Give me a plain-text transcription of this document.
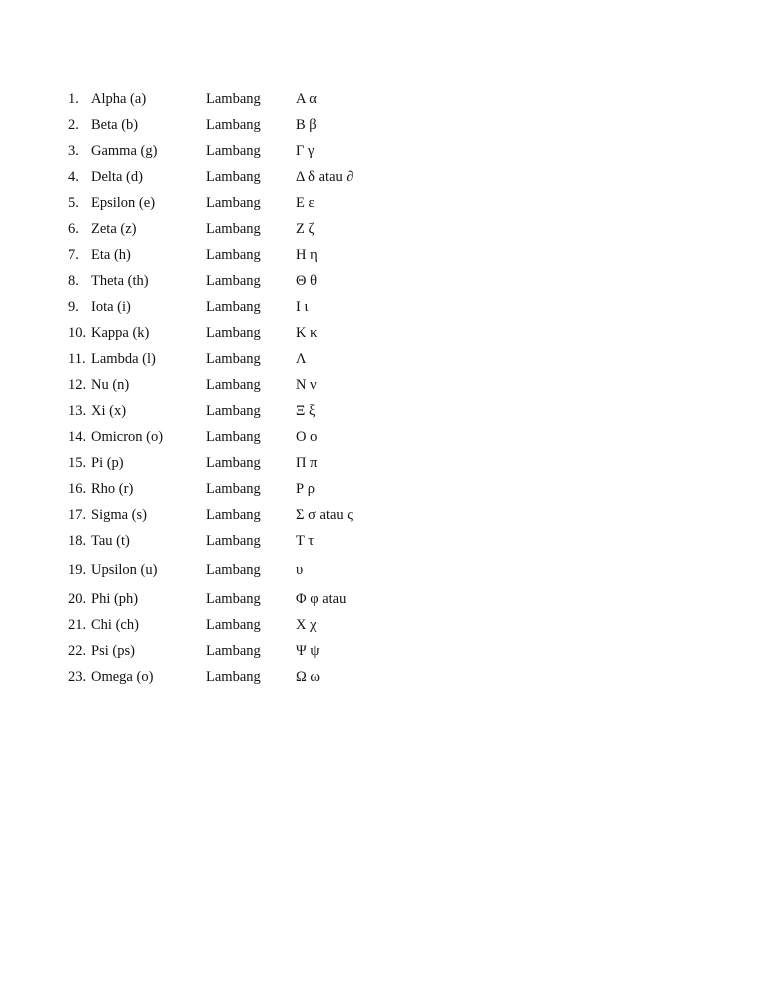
1. Alpha (a)	Lambang Α α
2. Beta (b)	Lambang Β β
3. Gamma (g)	Lambang Γ γ
4. Delta (d)	Lambang Δ δ atau ∂
5. Epsilon (e)	Lambang Ε ε
6. Zeta (z)	Lambang Ζ ζ
7. Eta (h)	Lambang Η η
8. Theta (th)	Lambang Θ θ
9. Iota (i)	Lambang Ι ι
10. Kappa (k)	Lambang Κ κ
11. Lambda (l)	Lambang Λ
12. Nu (n)	Lambang Ν ν
13. Xi (x)	Lambang Ξ ξ
14. Omicron (o)	Lambang Ο ο
15. Pi (p)	Lambang Π π
16. Rho (r)	Lambang Ρ ρ
17. Sigma (s)	Lambang Σ σ atau ς
18. Tau (t)	Lambang Τ τ
19. Upsilon (u)	Lambang υ
20. Phi (ph)	Lambang Φ φ atau
21. Chi (ch)	Lambang Χ χ
22. Psi (ps)	Lambang Ψ ψ
23. Omega (o)	Lambang Ω ω
